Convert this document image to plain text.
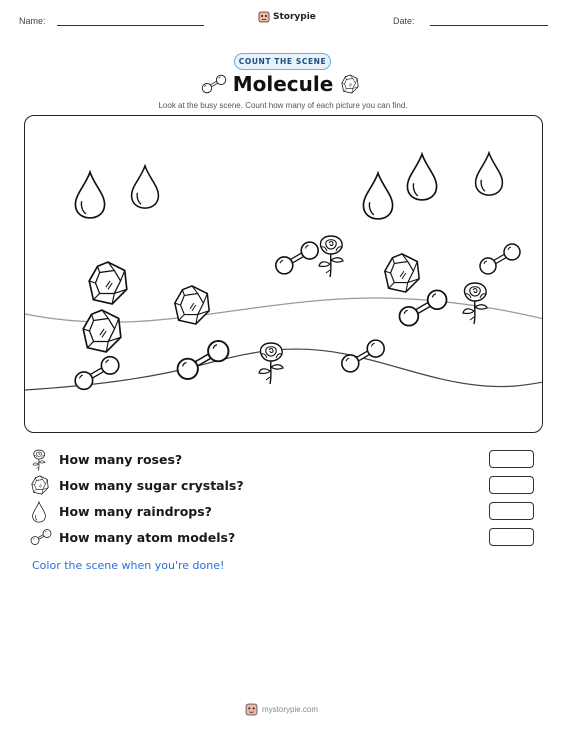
Name:	Storypie	Date:
COUNT THE SCENE
Molecule
Look at the busy scene. Count how many of each picture you can find.
How many roses?
How many sugar crystals?
How many raindrops?
How many atom models?
Color the scene when you're done!
mystorypie.com
